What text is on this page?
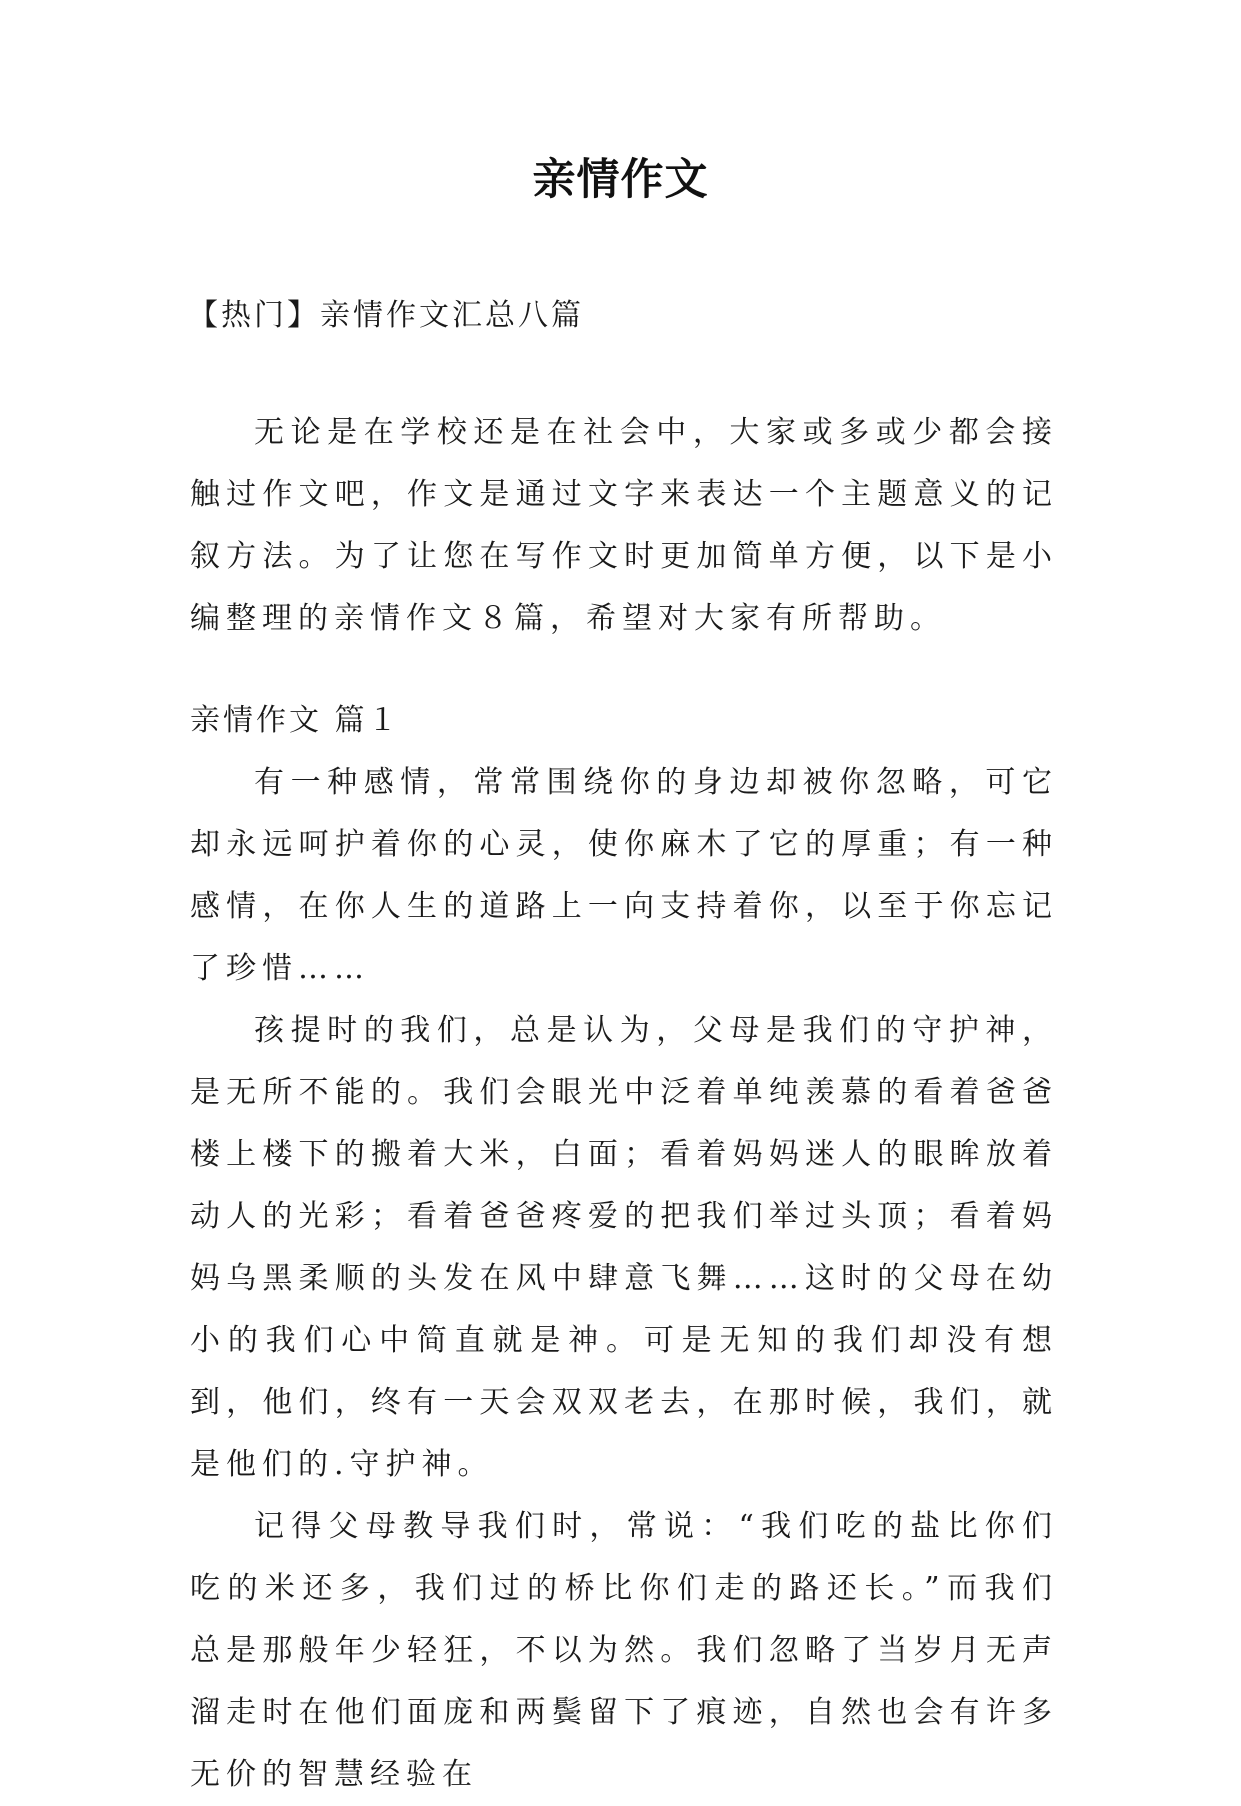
亲情作文

【热门】亲情作文汇总八篇

无论是在学校还是在社会中，大家或多或少都会接触过作文吧，作文是通过文字来表达一个主题意义的记叙方法。为了让您在写作文时更加简单方便，以下是小编整理的亲情作文８篇，希望对大家有所帮助。

亲情作文 篇１

有一种感情，常常围绕你的身边却被你忽略，可它却永远呵护着你的心灵，使你麻木了它的厚重；有一种感情，在你人生的道路上一向支持着你，以至于你忘记了珍惜……

孩提时的我们，总是认为，父母是我们的守护神，是无所不能的。我们会眼光中泛着单纯羡慕的看着爸爸楼上楼下的搬着大米，白面；看着妈妈迷人的眼眸放着动人的光彩；看着爸爸疼爱的把我们举过头顶；看着妈妈乌黑柔顺的头发在风中肆意飞舞……这时的父母在幼小的我们心中简直就是神。可是无知的我们却没有想到，他们，终有一天会双双老去，在那时候，我们，就是他们的.守护神。

记得父母教导我们时，常说：“我们吃的盐比你们吃的米还多，我们过的桥比你们走的路还长。”而我们总是那般年少轻狂，不以为然。我们忽略了当岁月无声溜走时在他们面庞和两鬓留下了痕迹，自然也会有许多无价的智慧经验在
